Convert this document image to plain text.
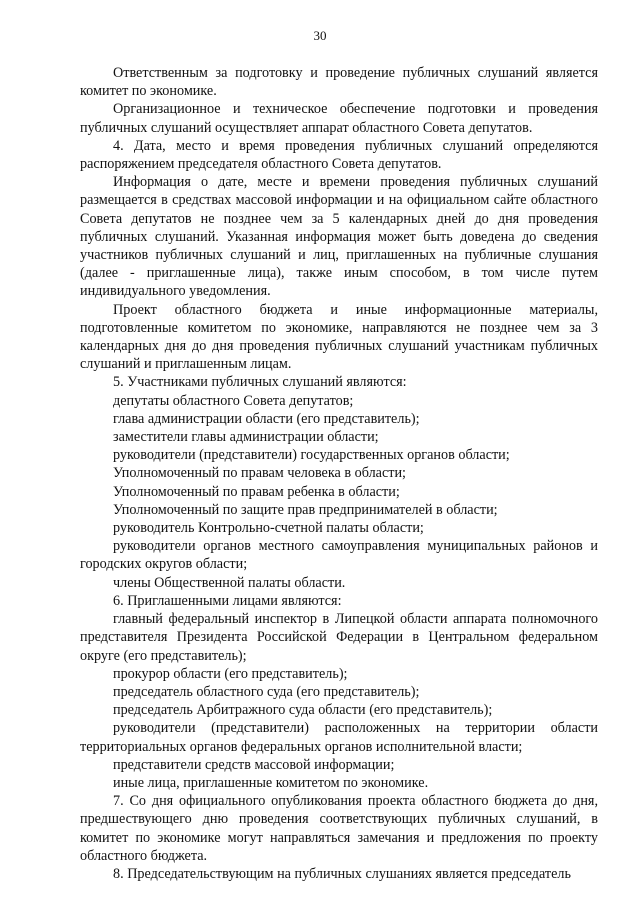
30

Ответственным за подготовку и проведение публичных слушаний является комитет по экономике.

Организационное и техническое обеспечение подготовки и проведения публичных слушаний осуществляет аппарат областного Совета депутатов.

4. Дата, место и время проведения публичных слушаний определяются распоряжением председателя областного Совета депутатов.

Информация о дате, месте и времени проведения публичных слушаний размещается в средствах массовой информации и на официальном сайте областного Совета депутатов не позднее чем за 5 календарных дней до дня проведения публичных слушаний. Указанная информация может быть доведена до сведения участников публичных слушаний и лиц, приглашенных на публичные слушания (далее - приглашенные лица), также иным способом, в том числе путем индивидуального уведомления.

Проект областного бюджета и иные информационные материалы, подготовленные комитетом по экономике, направляются не позднее чем за 3 календарных дня до дня проведения публичных слушаний участникам публичных слушаний и приглашенным лицам.

5. Участниками публичных слушаний являются:

депутаты областного Совета депутатов;

глава администрации области (его представитель);

заместители главы администрации области;

руководители (представители) государственных органов области;

Уполномоченный по правам человека в области;

Уполномоченный по правам ребенка в области;

Уполномоченный по защите прав предпринимателей в области;

руководитель Контрольно-счетной палаты области;

руководители органов местного самоуправления муниципальных районов и городских округов области;

члены Общественной палаты области.

6. Приглашенными лицами являются:

главный федеральный инспектор в Липецкой области аппарата полномочного представителя Президента Российской Федерации в Центральном федеральном округе (его представитель);

прокурор области (его представитель);

председатель областного суда (его представитель);

председатель Арбитражного суда области (его представитель);

руководители (представители) расположенных на территории области территориальных органов федеральных органов исполнительной власти;

представители средств массовой информации;

иные лица, приглашенные комитетом по экономике.

7. Со дня официального опубликования проекта областного бюджета до дня, предшествующего дню проведения соответствующих публичных слушаний, в комитет по экономике могут направляться замечания и предложения по проекту областного бюджета.

8. Председательствующим на публичных слушаниях является председатель
